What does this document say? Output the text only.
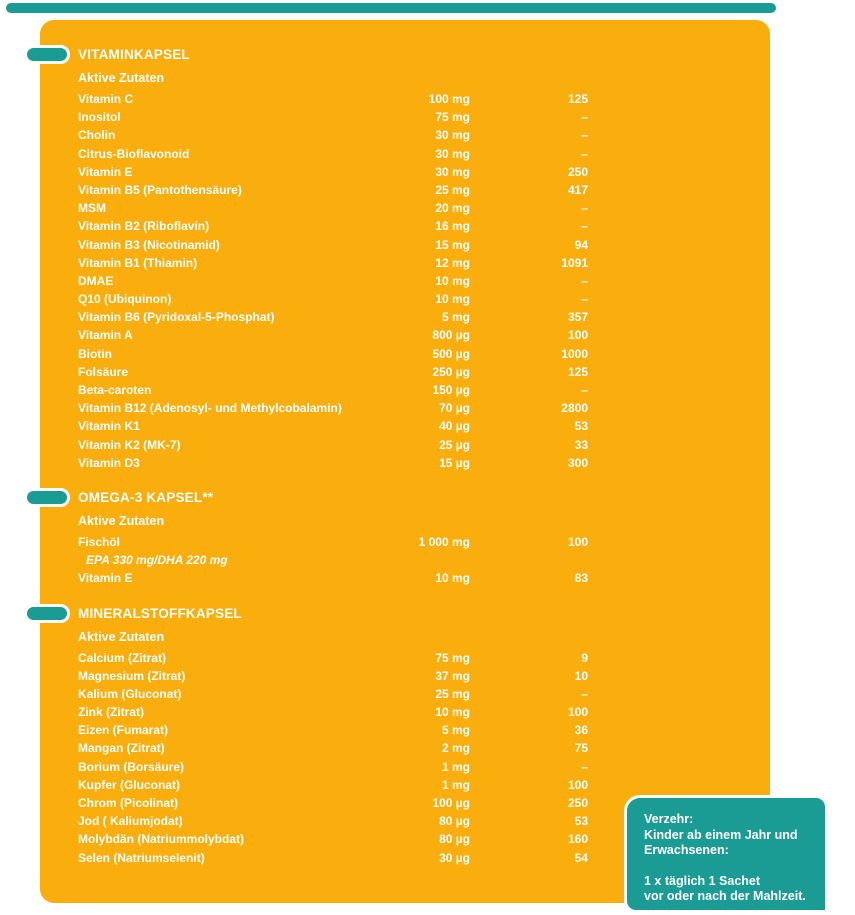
VITAMINKAPSEL
Aktive Zutaten
Vitamin C	100 mg	125
Inositol	75 mg	–
Cholin	30 mg	–
Citrus-Bioflavonoid	30 mg	–
Vitamin E	30 mg	250
Vitamin B5 (Pantothensäure)	25 mg	417
MSM	20 mg	–
Vitamin B2 (Riboflavin)	16 mg	–
Vitamin B3 (Nicotinamid)	15 mg	94
Vitamin B1 (Thiamin)	12 mg	1091
DMAE	10 mg	–
Q10 (Ubiquinon)	10 mg	–
Vitamin B6 (Pyridoxal-5-Phosphat)	5 mg	357
Vitamin A	800 µg	100
Biotin	500 µg	1000
Folsäure	250 µg	125
Beta-caroten	150 µg	–
Vitamin B12 (Adenosyl- und Methylcobalamin)	70 µg	2800
Vitamin K1	40 µg	53
Vitamin K2 (MK-7)	25 µg	33
Vitamin D3	15 µg	300
OMEGA-3 KAPSEL**
Aktive Zutaten
Fischöl	1 000 mg	100
EPA 330 mg/DHA 220 mg
Vitamin E	10 mg	83
MINERALSTOFFKAPSEL
Aktive Zutaten
Calcium (Zitrat)	75 mg	9
Magnesium (Zitrat)	37 mg	10
Kalium (Gluconat)	25 mg	–
Zink (Zitrat)	10 mg	100
Eizen (Fumarat)	5 mg	36
Mangan (Zitrat)	2 mg	75
Borium (Borsäure)	1 mg	–
Kupfer (Gluconat)	1 mg	100
Chrom (Picolinat)	100 µg	250
Jod ( Kaliumjodat)	80 µg	53
Molybdän (Natriummolybdat)	80 µg	160
Selen (Natriumselenit)	30 µg	54
Verzehr:
Kinder ab einem Jahr und
Erwachsenen:
1 x täglich 1 Sachet
vor oder nach der Mahlzeit.
